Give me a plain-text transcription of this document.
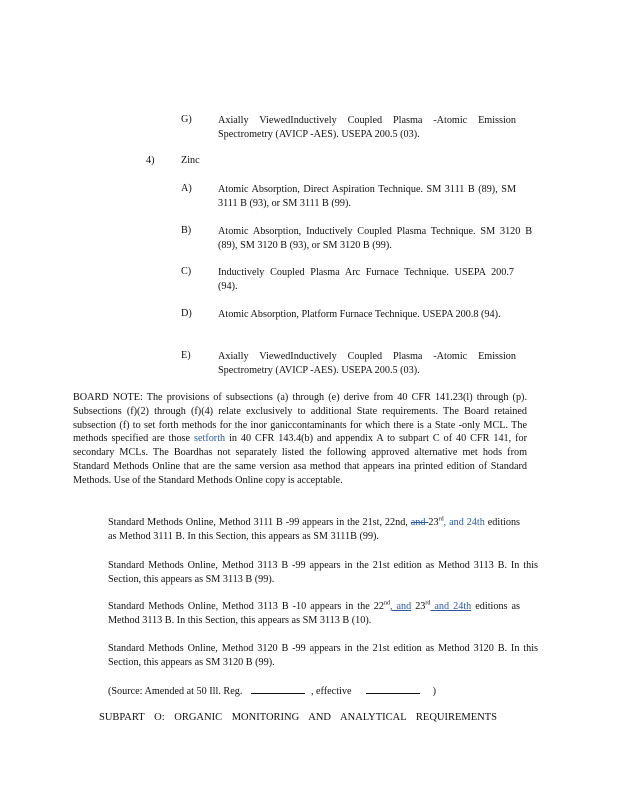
G)	Axially ViewedInductively Coupled Plasma -Atomic Emission Spectrometry (AVICP -AES). USEPA 200.5 (03).
4)	Zinc
A)	Atomic Absorption, Direct Aspiration Technique. SM 3111 B (89), SM 3111 B (93), or SM 3111 B (99).
B)	Atomic Absorption, Inductively Coupled Plasma Technique. SM 3120 B (89), SM 3120 B (93), or SM 3120 B (99).
C)	Inductively Coupled Plasma Arc Furnace Technique. USEPA 200.7 (94).
D)	Atomic Absorption, Platform Furnace Technique. USEPA 200.8 (94).
E)	Axially ViewedInductively Coupled Plasma -Atomic Emission Spectrometry (AVICP -AES). USEPA 200.5 (03).
BOARD NOTE: The provisions of subsections (a) through (e) derive from 40 CFR 141.23(l) through (p). Subsections (f)(2) through (f)(4) relate exclusively to additional State requirements. The Board retained subsection (f) to set forth methods for the inor ganiccontaminants for which there is a State -only MCL. The methods specified are those setforth in 40 CFR 143.4(b) and appendix A to subpart C of 40 CFR 141, for secondary MCLs. The Boardhas not separately listed the following approved alternative met hods from Standard Methods Online that are the same version asa method that appears ina printed edition of Standard Methods. Use of the Standard Methods Online copy is acceptable.
Standard Methods Online, Method 3111 B -99 appears in the 21st, 22nd, and 23rd, and 24th editions as Method 3111 B. In this Section, this appears as SM 3111B (99).
Standard Methods Online, Method 3113 B -99 appears in the 21st edition as Method 3113 B. In this Section, this appears as SM 3113 B (99).
Standard Methods Online, Method 3113 B -10 appears in the 22nd, and 23rd and 24th editions as Method 3113 B. In this Section, this appears as SM 3113 B (10).
Standard Methods Online, Method 3120 B -99 appears in the 21st edition as Method 3120 B. In this Section, this appears as SM 3120 B (99).
(Source: Amended at 50 Ill. Reg.	, effective	)
SUBPART O: ORGANIC MONITORING AND ANALYTICAL REQUIREMENTS
